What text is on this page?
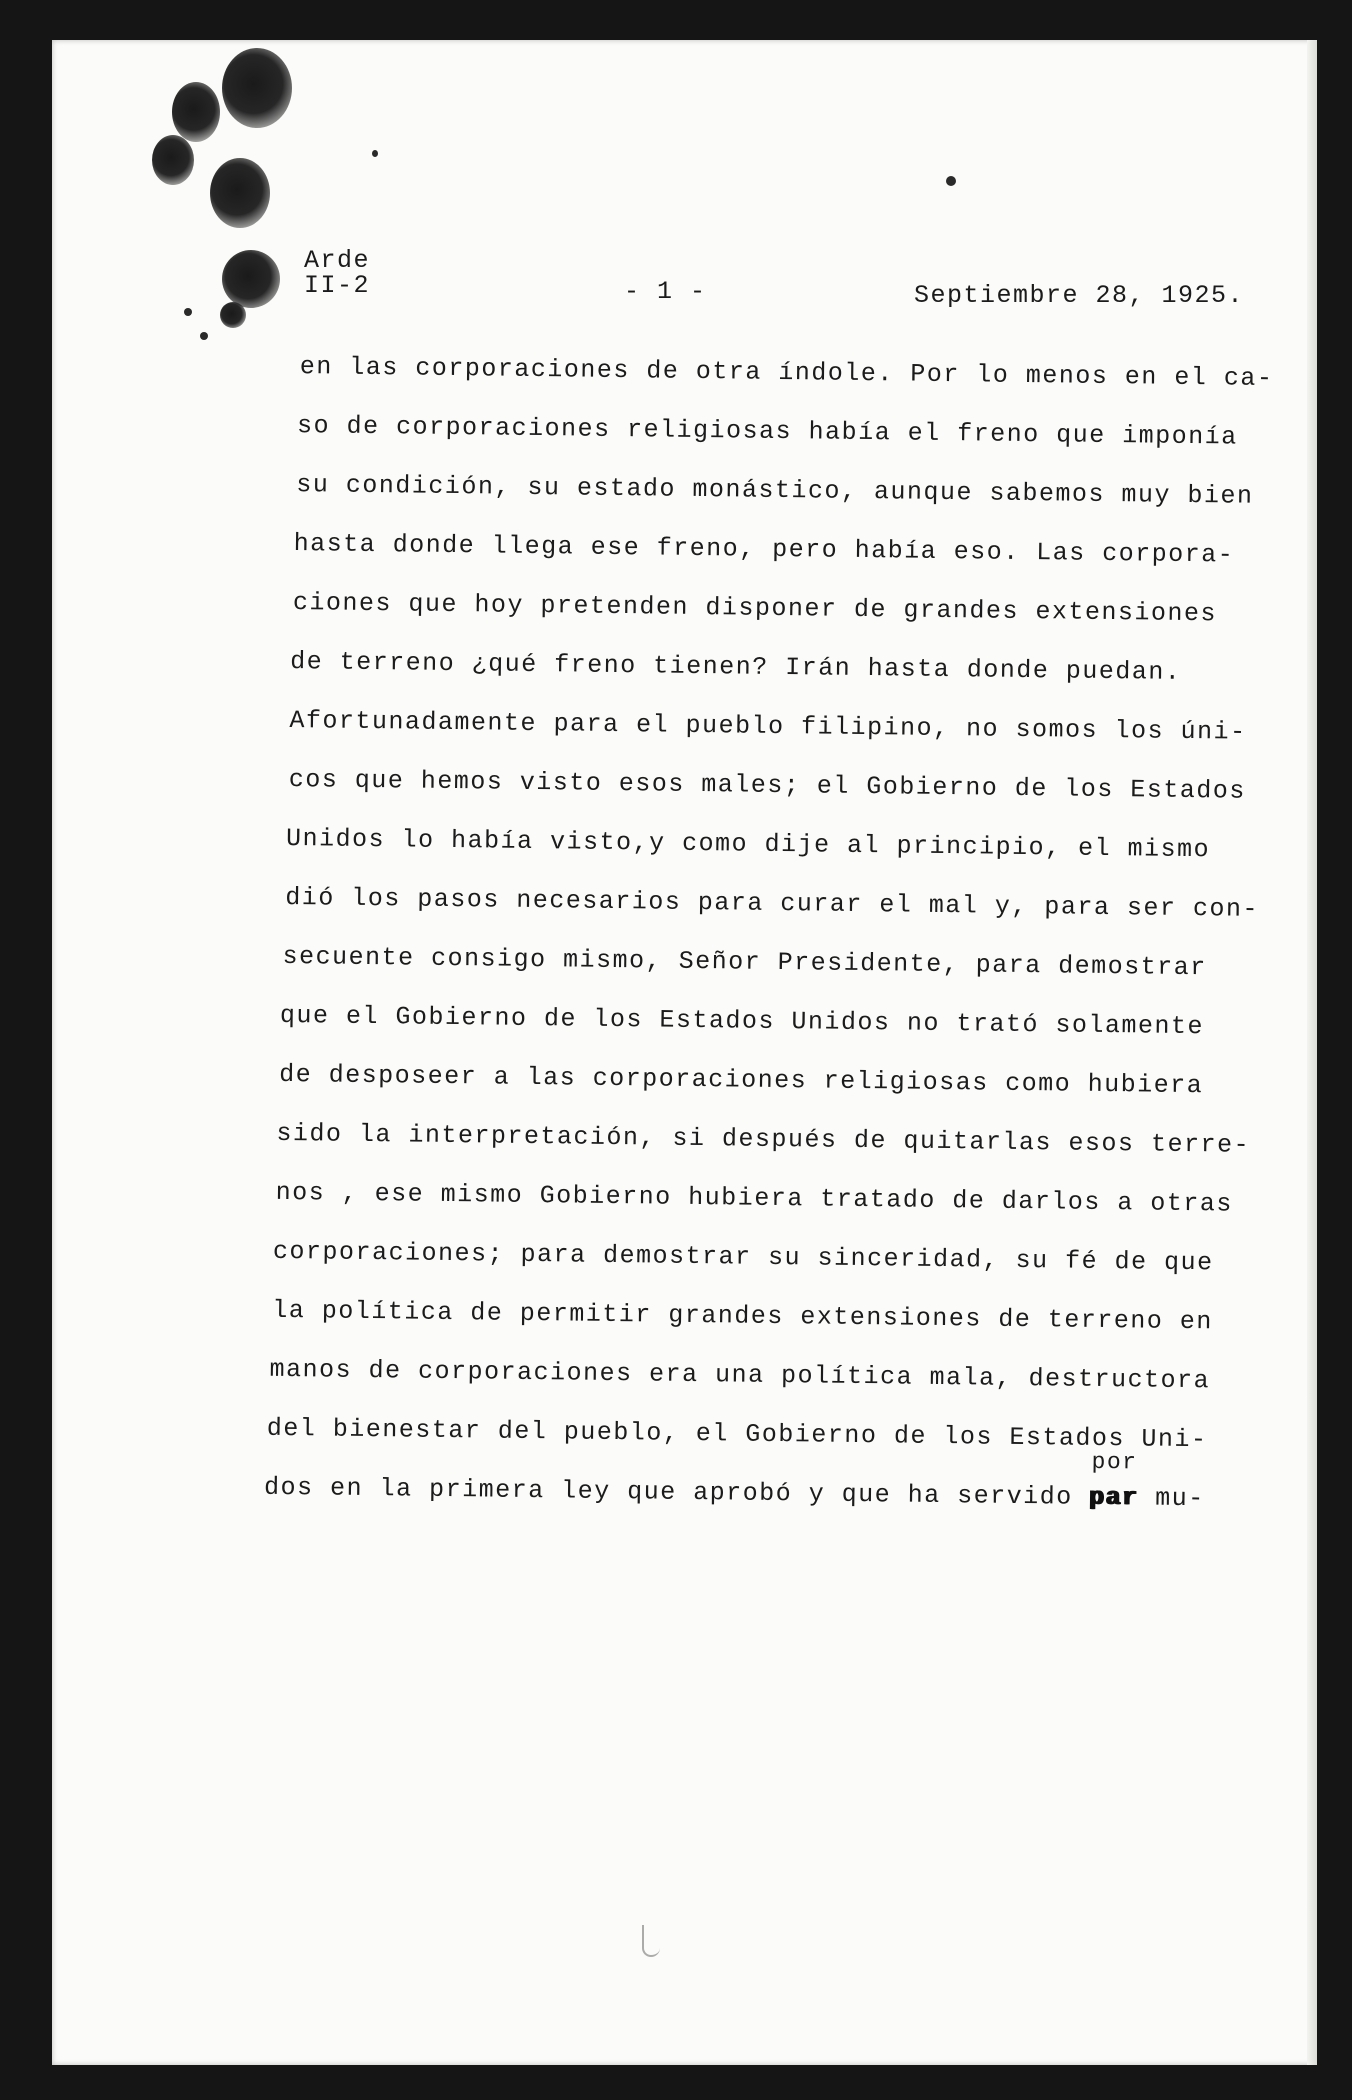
Arde
II-2	- 1 -	Septiembre 28, 1925.
en las corporaciones de otra índole. Por lo menos en el ca-
so de corporaciones religiosas había el freno que imponía
su condición, su estado monástico, aunque sabemos muy bien
hasta donde llega ese freno, pero había eso. Las corpora-
ciones que hoy pretenden disponer de grandes extensiones
de terreno ¿qué freno tienen? Irán hasta donde puedan.
Afortunadamente para el pueblo filipino, no somos los úni-
cos que hemos visto esos males; el Gobierno de los Estados
Unidos lo había visto,y como dije al principio, el mismo
dió los pasos necesarios para curar el mal y, para ser con-
secuente consigo mismo, Señor Presidente, para demostrar
que el Gobierno de los Estados Unidos no trató solamente
de desposeer a las corporaciones religiosas como hubiera
sido la interpretación, si después de quitarlas esos terre-
nos , ese mismo Gobierno hubiera tratado de darlos a otras
corporaciones; para demostrar su sinceridad, su fé de que
la política de permitir grandes extensiones de terreno en
manos de corporaciones era una política mala, destructora
del bienestar del pueblo, el Gobierno de los Estados Uni-
dos en la primera ley que aprobó y que ha servido
por
par mu-
